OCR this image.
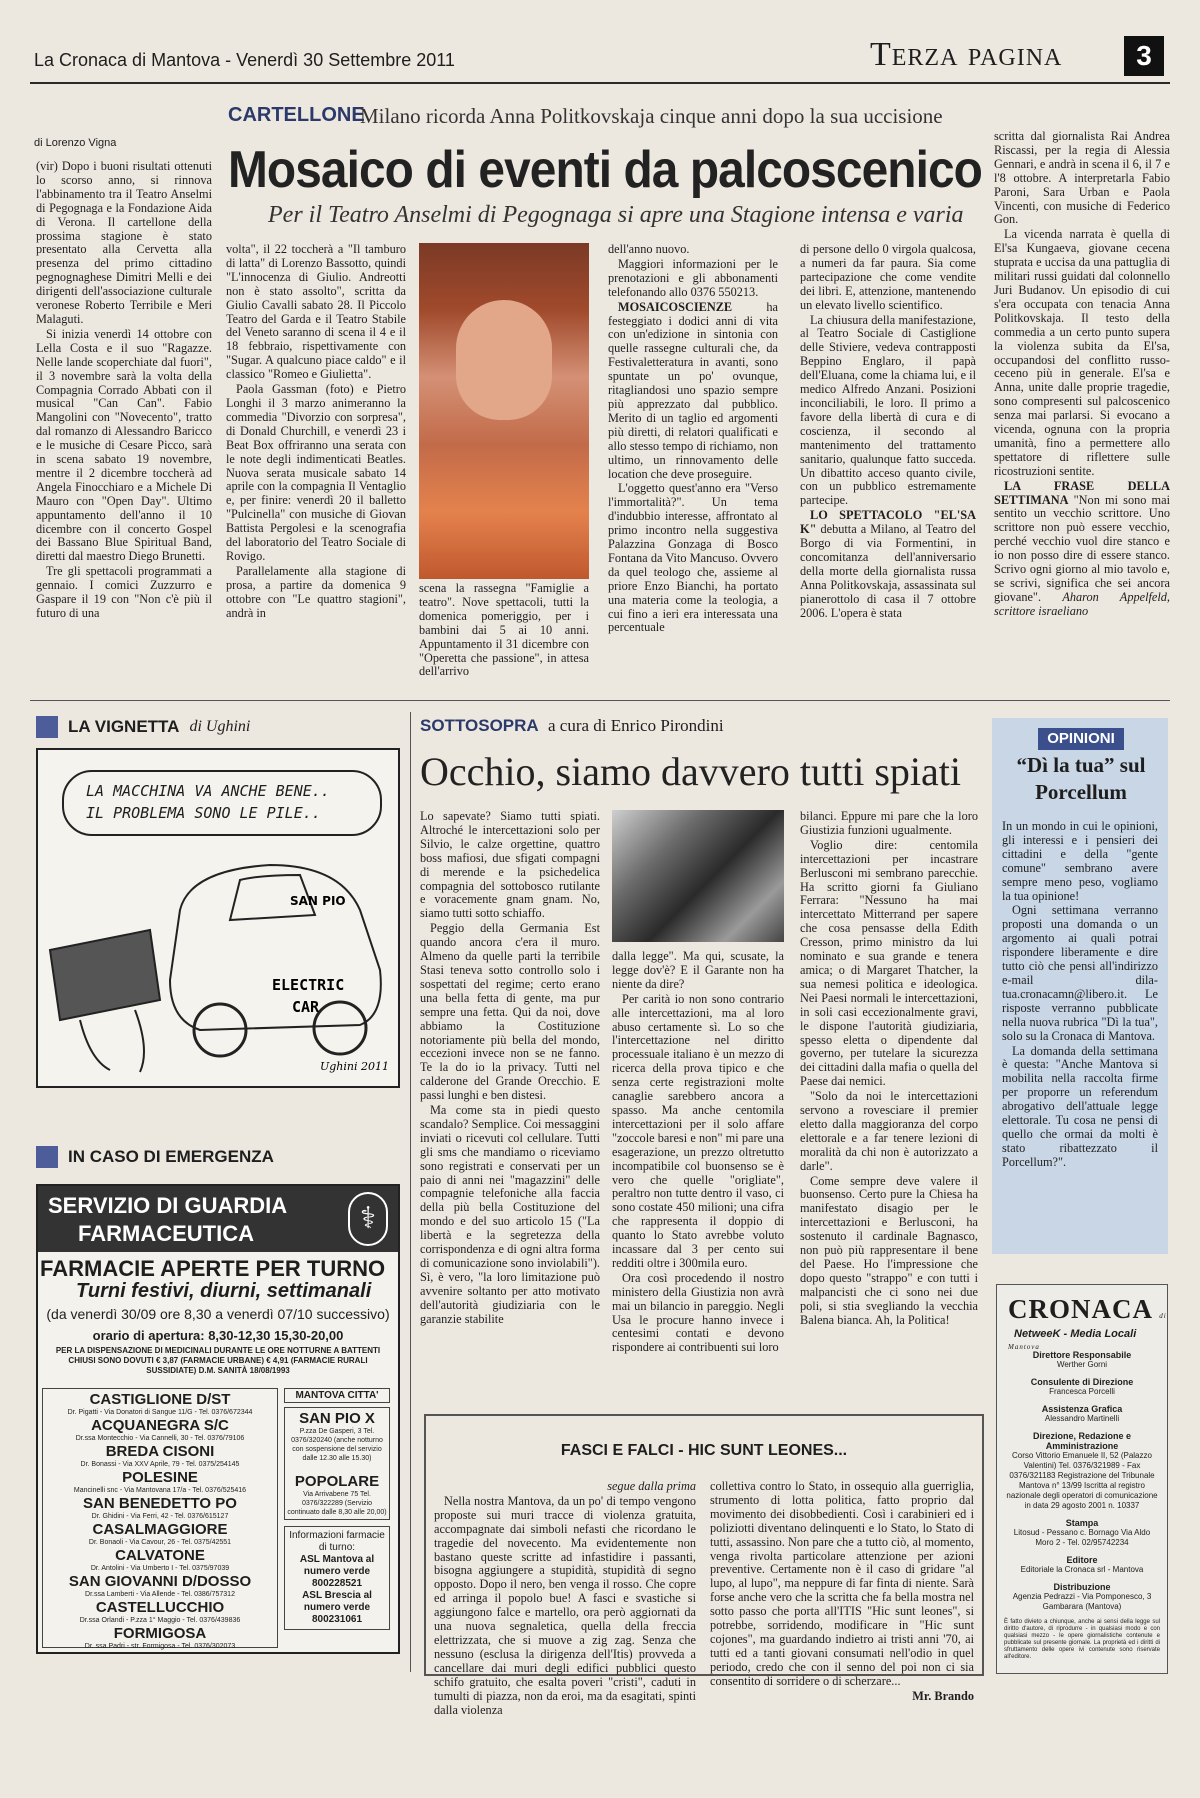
La Cronaca di Mantova - Venerdì 30 Settembre 2011	Terza pagina	3
CARTELLONE
Milano ricorda Anna Politkovskaja cinque anni dopo la sua uccisione
di Lorenzo Vigna Mosaico di eventi da palcoscenico
Per il Teatro Anselmi di Pegognaga si apre una Stagione intensa e varia

(vir) Dopo i buoni risultati ottenuti lo scorso anno, si rinnova l'abbinamento tra il Teatro Anselmi di Pegognaga e la Fondazione Aida di Verona. Il cartellone della prossima stagione è stato presentato alla Cervetta alla presenza del primo cittadino pegnognaghese Dimitri Melli e dei dirigenti dell'associazione culturale veronese Roberto Terribile e Meri Malaguti.

Si inizia venerdì 14 ottobre con Lella Costa e il suo "Ragazze. Nelle lande scoperchiate dal fuori", il 3 novembre sarà la volta della Compagnia Corrado Abbati con il musical "Can Can". Fabio Mangolini con "Novecento", tratto dal romanzo di Alessandro Baricco e le musiche di Cesare Picco, sarà in scena sabato 19 novembre, mentre il 2 dicembre toccherà ad Angela Finocchiaro e a Michele Di Mauro con "Open Day". Ultimo appuntamento dell'anno il 10 dicembre con il concerto Gospel dei Bassano Blue Spiritual Band, diretti dal maestro Diego Brunetti.

Tre gli spettacoli programmati a gennaio. I comici Zuzzurro e Gaspare il 19 con "Non c'è più il futuro di una

volta", il 22 toccherà a "Il tamburo di latta" di Lorenzo Bassotto, quindi "L'innocenza di Giulio. Andreotti non è stato assolto", scritta da Giulio Cavalli sabato 28. Il Piccolo Teatro del Garda e il Teatro Stabile del Veneto saranno di scena il 4 e il 18 febbraio, rispettivamente con "Sugar. A qualcuno piace caldo" e il classico "Romeo e Giulietta".

Paola Gassman (foto) e Pietro Longhi il 3 marzo animeranno la commedia "Divorzio con sorpresa", di Donald Churchill, e venerdì 23 i Beat Box offriranno una serata con le note degli indimenticati Beatles. Nuova serata musicale sabato 14 aprile con la compagnia Il Ventaglio e, per finire: venerdì 20 il balletto "Pulcinella" con musiche di Giovan Battista Pergolesi e la scenografia del laboratorio del Teatro Sociale di Rovigo.

Parallelamente alla stagione di prosa, a partire da domenica 9 ottobre con "Le quattro stagioni", andrà in

scena la rassegna "Famiglie a teatro". Nove spettacoli, tutti la domenica pomeriggio, per i bambini dai 5 ai 10 anni. Appuntamento il 31 dicembre con "Operetta che passione", in attesa dell'arrivo

dell'anno nuovo.

Maggiori informazioni per le prenotazioni e gli abbonamenti telefonando allo 0376 550213.

MOSAICOSCIENZE	ha festeggiato i dodici anni di vita con un'edizione in sintonia con quelle rassegne culturali che, da Festivaletteratura in avanti, sono spuntate un po' ovunque, ritagliandosi uno spazio sempre più apprezzato dal pubblico. Merito di un taglio ed argomenti più diretti, di relatori qualificati e allo stesso tempo di richiamo, non ultimo, un rinnovamento delle location che deve proseguire.

L'oggetto quest'anno era "Verso l'immortalità?". Un tema d'indubbio interesse, affrontato al primo incontro nella suggestiva Palazzina Gonzaga di Bosco Fontana da Vito Mancuso. Ovvero da quel teologo che, assieme al priore Enzo Bianchi, ha portato una materia come la teologia, a cui fino a ieri era interessata una percentuale

di persone dello 0 virgola qualcosa, a numeri da far paura. Sia come partecipazione che come vendite dei libri. E, attenzione, mantenendo un elevato livello scientifico.

La chiusura della manifestazione, al Teatro Sociale di Castiglione delle Stiviere, vedeva contrapposti Beppino Englaro, il papà dell'Eluana, come la chiama lui, e il medico Alfredo Anzani. Posizioni inconciliabili, le loro. Il primo a favore della libertà di cura e di coscienza, il secondo al mantenimento del trattamento sanitario, qualunque fatto succeda. Un dibattito acceso quanto civile, con un pubblico estremamente partecipe.

LO SPETTACOLO "EL'SA K" debutta a Milano, al Teatro del Borgo di via Formentini, in concomitanza dell'anniversario della morte della giornalista russa Anna Politkovskaja, assassinata sul pianerottolo di casa il 7 ottobre 2006. L'opera è stata

scritta dal giornalista Rai Andrea Riscassi, per la regia di Alessia Gennari, e andrà in scena il 6, il 7 e l'8 ottobre. A interpretarla Fabio Paroni, Sara Urban e Paola Vincenti, con musiche di Federico Gon.

La vicenda narrata è quella di El'sa Kungaeva, giovane cecena stuprata e uccisa da una pattuglia di militari russi guidati dal colonnello Juri Budanov. Un episodio di cui s'era occupata con tenacia Anna Politkovskaja. Il testo della commedia a un certo punto supera la violenza subita da El'sa, occupandosi del conflitto russo-ceceno più in generale. El'sa e Anna, unite dalle proprie tragedie, sono compresenti sul palcoscenico senza mai parlarsi. Si evocano a vicenda, ognuna con la propria umanità, fino a permettere allo spettatore di riflettere sulle ricostruzioni sentite.

LA FRASE DELLA SETTIMANA "Non mi sono mai sentito un vecchio scrittore. Uno scrittore non può essere vecchio, perché vecchio vuol dire stanco e io non posso dire di essere stanco. Scrivo ogni giorno al mio tavolo e, se scrivi, significa che sei ancora giovane". Aharon Appelfeld, scrittore israeliano

LA VIGNETTA di Ughini
LA MACCHINA VA ANCHE BENE..
IL PROBLEMA SONO LE PILE..
ELECTRIC
CAR
Ughini 2011
SAN PIO
IN CASO DI EMERGENZA
SERVIZIO DI GUARDIA
FARMACEUTICA	⚕
FARMACIE APERTE PER TURNO
Turni festivi, diurni, settimanali
(da venerdì 30/09 ore 8,30 a venerdì 07/10 successivo)
orario di apertura: 8,30-12,30 15,30-20,00
PER LA DISPENSAZIONE DI MEDICINALI DURANTE LE ORE NOTTURNE A BATTENTI CHIUSI SONO DOVUTI € 3,87 (FARMACIE URBANE) € 4,91 (FARMACIE RURALI SUSSIDIATE) D.M. SANITÀ 18/08/1993
CASTIGLIONE D/ST
Dr. Pigatti - Via Donatori di Sangue 11/G - Tel. 0376/672344
ACQUANEGRA S/C
Dr.ssa Montecchio - Via Cannelli, 30 - Tel. 0376/79106
BREDA CISONI
Dr. Bonassi - Via XXV Aprile, 79 - Tel. 0375/254145
POLESINE
Mancinelli snc - Via Mantovana 17/a - Tel. 0376/525416
SAN BENEDETTO PO
Dr. Ghidini - Via Ferri, 42 - Tel. 0376/615127
CASALMAGGIORE
Dr. Bonaoli - Via Cavour, 26 - Tel. 0375/42551
CALVATONE
Dr. Antolini - Via Umberto I - Tel. 0375/97039
SAN GIOVANNI D/DOSSO
Dr.ssa Lamberti - Via Allende - Tel. 0386/757312
CASTELLUCCHIO
Dr.ssa Orlandi - P.zza 1° Maggio - Tel. 0376/439836
FORMIGOSA
Dr. ssa Padri - str. Formigosa - Tel. 0376/302073
MANTOVA CITTA'
SAN PIO X
P.zza De Gasperi, 3 Tel. 0376/320240 (anche notturno con sospensione del servizio dalle 12.30 alle 15.30)
POPOLARE
Via Arrivabene 75 Tel. 0376/322289 (Servizio continuato dalle 8,30 alle 20,00)
Informazioni farmacie di turno:
ASL Mantova al numero verde 800228521
ASL Brescia al numero verde 800231061
SOTTOSOPRA a cura di Enrico Pirondini
Occhio, siamo davvero tutti spiati

Lo sapevate? Siamo tutti spiati. Altroché le intercettazioni solo per Silvio, le calze orgettine, quattro boss mafiosi, due sfigati compagni di merende e la psichedelica compagnia del sottobosco rutilante e voracemente gnam gnam. No, siamo tutti sotto schiaffo.

Peggio della Germania Est quando ancora c'era il muro. Almeno da quelle parti la terribile Stasi teneva sotto controllo solo i sospettati del regime; certo erano una bella fetta di gente, ma pur sempre una fetta. Qui da noi, dove abbiamo la Costituzione notoriamente più bella del mondo, eccezioni invece non se ne fanno. Te la do io la privacy. Tutti nel calderone del Grande Orecchio. E passi lunghi e ben distesi.

Ma come sta in piedi questo scandalo? Semplice. Coi messaggini inviati o ricevuti col cellulare. Tutti gli sms che mandiamo o riceviamo sono registrati e conservati per un paio di anni nei "magazzini" delle compagnie telefoniche alla faccia della più bella Costituzione del mondo e del suo articolo 15 ("La libertà e la segretezza della corrispondenza e di ogni altra forma di comunicazione sono inviolabili"). Sì, è vero, "la loro limitazione può avvenire soltanto per atto motivato dell'autorità giudiziaria con le garanzie stabilite

dalla legge". Ma qui, scusate, la legge dov'è? E il Garante non ha niente da dire?

Per carità io non sono contrario alle intercettazioni, ma al loro abuso certamente sì. Lo so che l'intercettazione nel diritto processuale italiano è un mezzo di ricerca della prova tipico e che senza certe registrazioni molte canaglie sarebbero ancora a spasso. Ma anche centomila intercettazioni per il solo affare "zoccole baresi e non" mi pare una esagerazione, un prezzo oltretutto incompatibile col buonsenso se è vero che quelle "origliate", peraltro non tutte dentro il vaso, ci sono costate 450 milioni; una cifra che rappresenta il doppio di quanto lo Stato avrebbe voluto incassare dal 3 per cento sui redditi oltre i 300mila euro.

Ora così procedendo il nostro ministero della Giustizia non avrà mai un bilancio in pareggio. Negli Usa le procure hanno invece i centesimi contati e devono rispondere ai contribuenti sui loro

bilanci. Eppure mi pare che la loro Giustizia funzioni ugualmente.

Voglio dire: centomila intercettazioni per incastrare Berlusconi mi sembrano parecchie. Ha scritto giorni fa Giuliano Ferrara: "Nessuno ha mai intercettato Mitterrand per sapere che cosa pensasse della Edith Cresson, primo ministro da lui nominato e sua grande e tenera amica; o di Margaret Thatcher, la sua nemesi politica e ideologica. Nei Paesi normali le intercettazioni, in soli casi eccezionalmente gravi, le dispone l'autorità giudiziaria, spesso eletta o dipendente dal governo, per tutelare la sicurezza dei cittadini dalla mafia o quella del Paese dai nemici.

"Solo da noi le intercettazioni servono a rovesciare il premier eletto dalla maggioranza del corpo elettorale e a far tenere lezioni di moralità da chi non è autorizzato a darle".

Come sempre deve valere il buonsenso. Certo pure la Chiesa ha manifestato disagio per le intercettazioni e Berlusconi, ha sostenuto il cardinale Bagnasco, non può più rappresentare il bene del Paese. Ho l'impressione che dopo questo "strappo" e con tutti i malpancisti che ci sono nei due poli, si stia svegliando la vecchia Balena bianca. Ah, la Politica!

OPINIONI
“Dì la tua” sul Porcellum

In un mondo in cui le opinioni, gli interessi e i pensieri dei cittadini e della "gente comune" sembrano avere sempre meno peso, vogliamo la tua opinione!

Ogni settimana verranno proposti una domanda o un argomento ai quali potrai rispondere liberamente e dire tutto ciò che pensi all'indirizzo e-mail dila-tua.cronacamn@libero.it. Le risposte verranno pubblicate nella nuova rubrica "Dì la tua", solo su la Cronaca di Mantova.

La domanda della settimana è questa: "Anche Mantova si mobilita nella raccolta firme per proporre un referendum abrogativo dell'attuale legge elettorale. Tu cosa ne pensi di quello che ormai da molti è stato ribattezzato il Porcellum?".

FASCI E FALCI - HIC SUNT LEONES...

segue dalla prima

Nella nostra Mantova, da un po' di tempo vengono proposte sui muri tracce di violenza gratuita, accompagnate dai simboli nefasti che ricordano le tragedie del novecento. Ma evidentemente non bastano queste scritte ad infastidire i passanti, bisogna aggiungere a stupidità, stupidità di segno opposto. Dopo il nero, ben venga il rosso. Che copre ed arringa il popolo bue! A fasci e svastiche si aggiungono falce e martello, ora però aggiornati da una nuova segnaletica, quella della freccia elettrizzata, che si muove a zig zag. Senza che nessuno (esclusa la dirigenza dell'Itis) provveda a cancellare dai muri degli edifici pubblici questo schifo gratuito, che esalta poveri "cristi", caduti in tumulti di piazza, non da eroi, ma da esagitati, spinti dalla violenza

collettiva contro lo Stato, in ossequio alla guerriglia, strumento di lotta politica, fatto proprio dal movimento dei disobbedienti. Così i carabinieri ed i poliziotti diventano delinquenti e lo Stato, lo Stato di tutti, assassino. Non pare che a tutto ciò, al momento, venga rivolta particolare attenzione per azioni preventive. Certamente non è il caso di gridare "al lupo, al lupo", ma neppure di far finta di niente. Sarà forse anche vero che la scritta che fa bella mostra nel sotto passo che porta all'ITIS "Hic sunt leones", si potrebbe, sorridendo, modificare in "Hic sunt cojones", ma guardando indietro ai tristi anni '70, ai tutti ed a tanti giovani consumati nell'odio in quel periodo, credo che con il senno del poi non ci sia consentito di sorridere o di scherzare...

Mr. Brando

CRONACA di Mantova
NetweeK - Media Locali
Direttore Responsabile
Werther Gorni
Consulente di Direzione
Francesca Porcelli
Assistenza Grafica
Alessandro Martinelli
Direzione, Redazione e Amministrazione
Corso Vittorio Emanuele II, 52 (Palazzo Valentini) Tel. 0376/321989 - Fax 0376/321183 Registrazione del Tribunale Mantova n° 13/99 Iscritta al registro nazionale degli operatori di comunicazione in data 29 agosto 2001 n. 10337
Stampa
Litosud - Pessano c. Bornago Via Aldo Moro 2 - Tel. 02/95742234
Editore
Editoriale la Cronaca srl - Mantova
Distribuzione
Agenzia Pedrazzi - Via Pomponesco, 3 Gambarara (Mantova)
È fatto divieto a chiunque, anche ai sensi della legge sul diritto d'autore, di riprodurre - in qualsiasi modo e con qualsiasi mezzo - le opere giornalistiche contenute e pubblicate sul presente giornale. La proprietà ed i diritti di sfruttamento delle opere ivi contenute sono riservate all'editore.
